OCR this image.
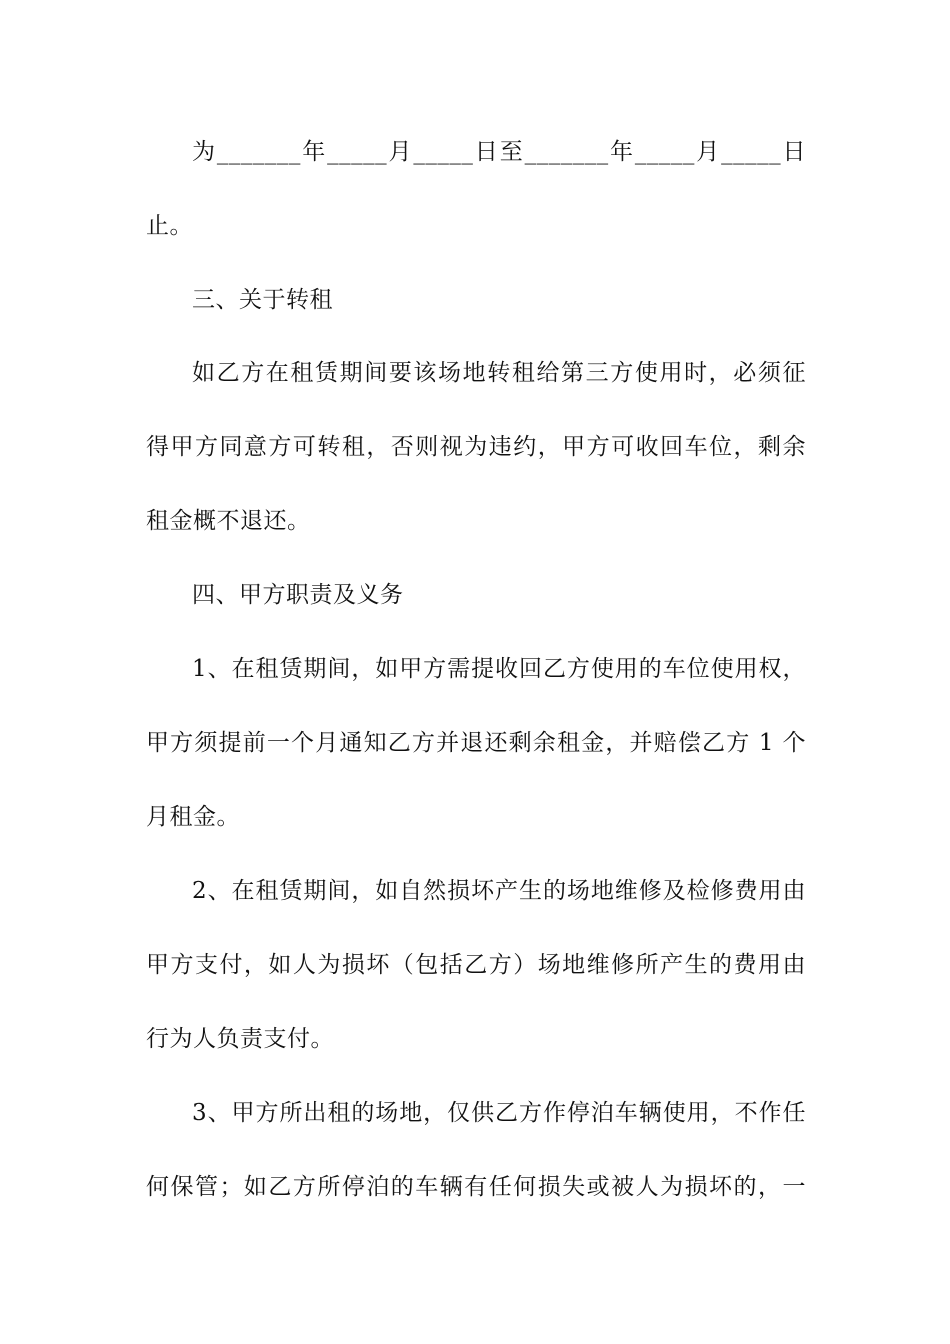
为_______年_____月_____日至_______年_____月_____日
止。
三、关于转租
如乙方在租赁期间要该场地转租给第三方使用时，必须征
得甲方同意方可转租，否则视为违约，甲方可收回车位，剩余
租金概不退还。
四、甲方职责及义务
1、在租赁期间，如甲方需提收回乙方使用的车位使用权，
甲方须提前一个月通知乙方并退还剩余租金，并赔偿乙方 1 个
月租金。
2、在租赁期间，如自然损坏产生的场地维修及检修费用由
甲方支付，如人为损坏（包括乙方）场地维修所产生的费用由
行为人负责支付。
3、甲方所出租的场地，仅供乙方作停泊车辆使用，不作任
何保管；如乙方所停泊的车辆有任何损失或被人为损坏的，一
